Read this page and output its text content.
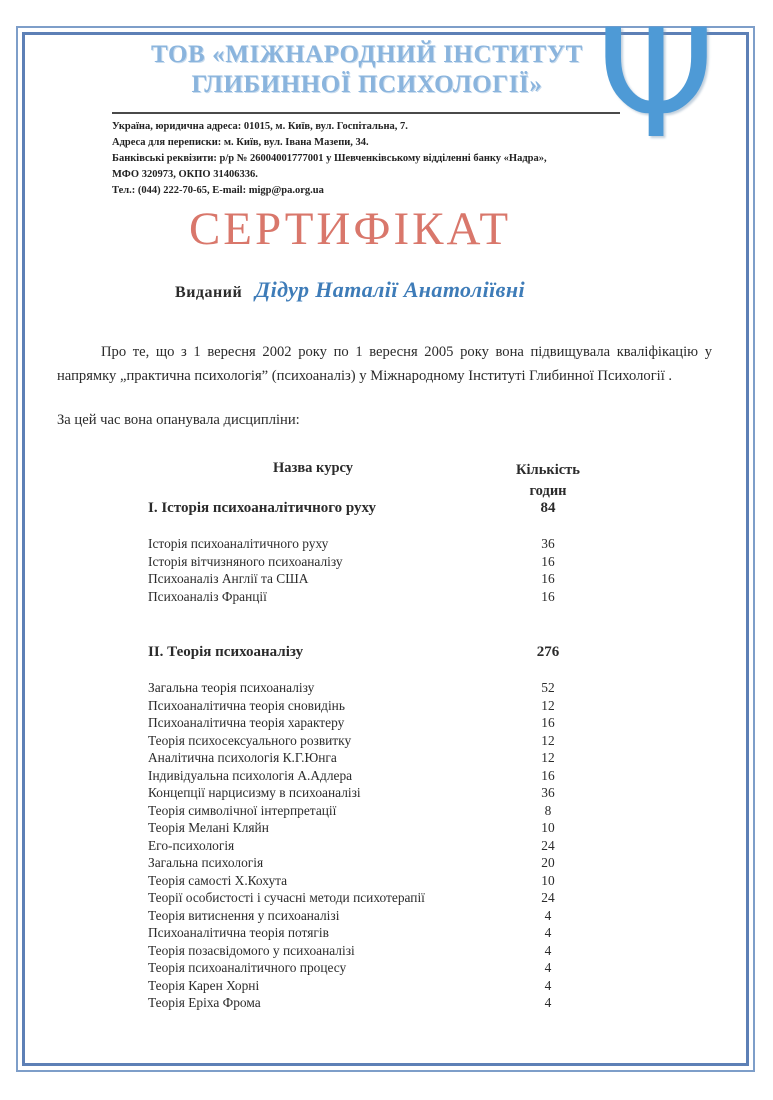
ТОВ «МІЖНАРОДНИЙ ІНСТИТУТ
ГЛИБИННОЇ ПСИХОЛОГІЇ» Ψ
Україна, юридична адреса: 01015, м. Київ, вул. Госпітальна, 7.
Адреса для переписки: м. Київ, вул. Івана Мазепи, 34.
Банківські реквізити: р/р № 26004001777001 у Шевченківському відділенні банку «Надра»,
МФО 320973, ОКПО 31406336.
Тел.: (044) 222-70-65, E-mail: migp@pa.org.ua
СЕРТИФІКАТ
Виданий Дідур Наталії Анатоліївні
Про те, що з 1 вересня 2002 року по 1 вересня 2005 року вона підвищувала кваліфікацію у напрямку „практична психологія” (психоаналіз) у Міжнародному Інституті Глибинної Психології .
За цей час вона опанувала дисципліни:
Назва курсу	Кількість
годин
I. Історія психоаналітичного руху	84
Історія психоаналітичного руху	36
Історія вітчизняного психоаналізу	16
Психоаналіз Англії та США	16
Психоаналіз Франції	16
II. Теорія психоаналізу	276
Загальна теорія психоаналізу	52
Психоаналітична теорія сновидінь	12
Психоаналітична теорія характеру	16
Теорія психосексуального розвитку	12
Аналітична психологія К.Г.Юнга	12
Індивідуальна психологія А.Адлера	16
Концепції нарцисизму в психоаналізі	36
Теорія символічної інтерпретації	8
Теорія Мелані Кляйн	10
Его-психологія	24
Загальна психологія	20
Теорія самості Х.Кохута	10
Теорії особистості і сучасні методи психотерапії	24
Теорія витиснення у психоаналізі	4
Психоаналітична теорія потягів	4
Теорія позасвідомого у психоаналізі	4
Теорія психоаналітичного процесу	4
Теорія Карен Хорні	4
Теорія Еріха Фрома	4
